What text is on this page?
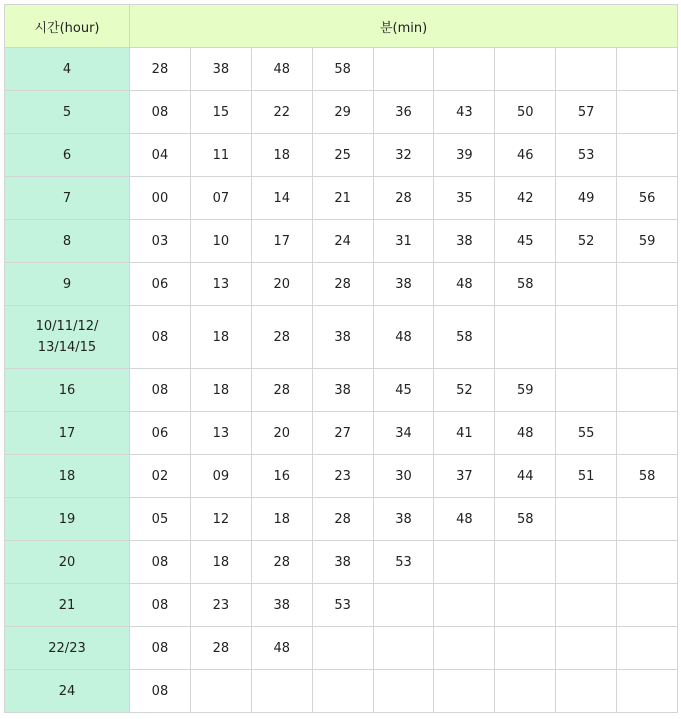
시간(hour)	분(min)								
4	28	38	48	58					
5	08	15	22	29	36	43	50	57	
6	04	11	18	25	32	39	46	53	
7	00	07	14	21	28	35	42	49	56
8	03	10	17	24	31	38	45	52	59
9	06	13	20	28	38	48	58		
10/11/12/
13/14/15	08	18	28	38	48	58			
16	08	18	28	38	45	52	59		
17	06	13	20	27	34	41	48	55	
18	02	09	16	23	30	37	44	51	58
19	05	12	18	28	38	48	58		
20	08	18	28	38	53				
21	08	23	38	53					
22/23	08	28	48						
24	08								
